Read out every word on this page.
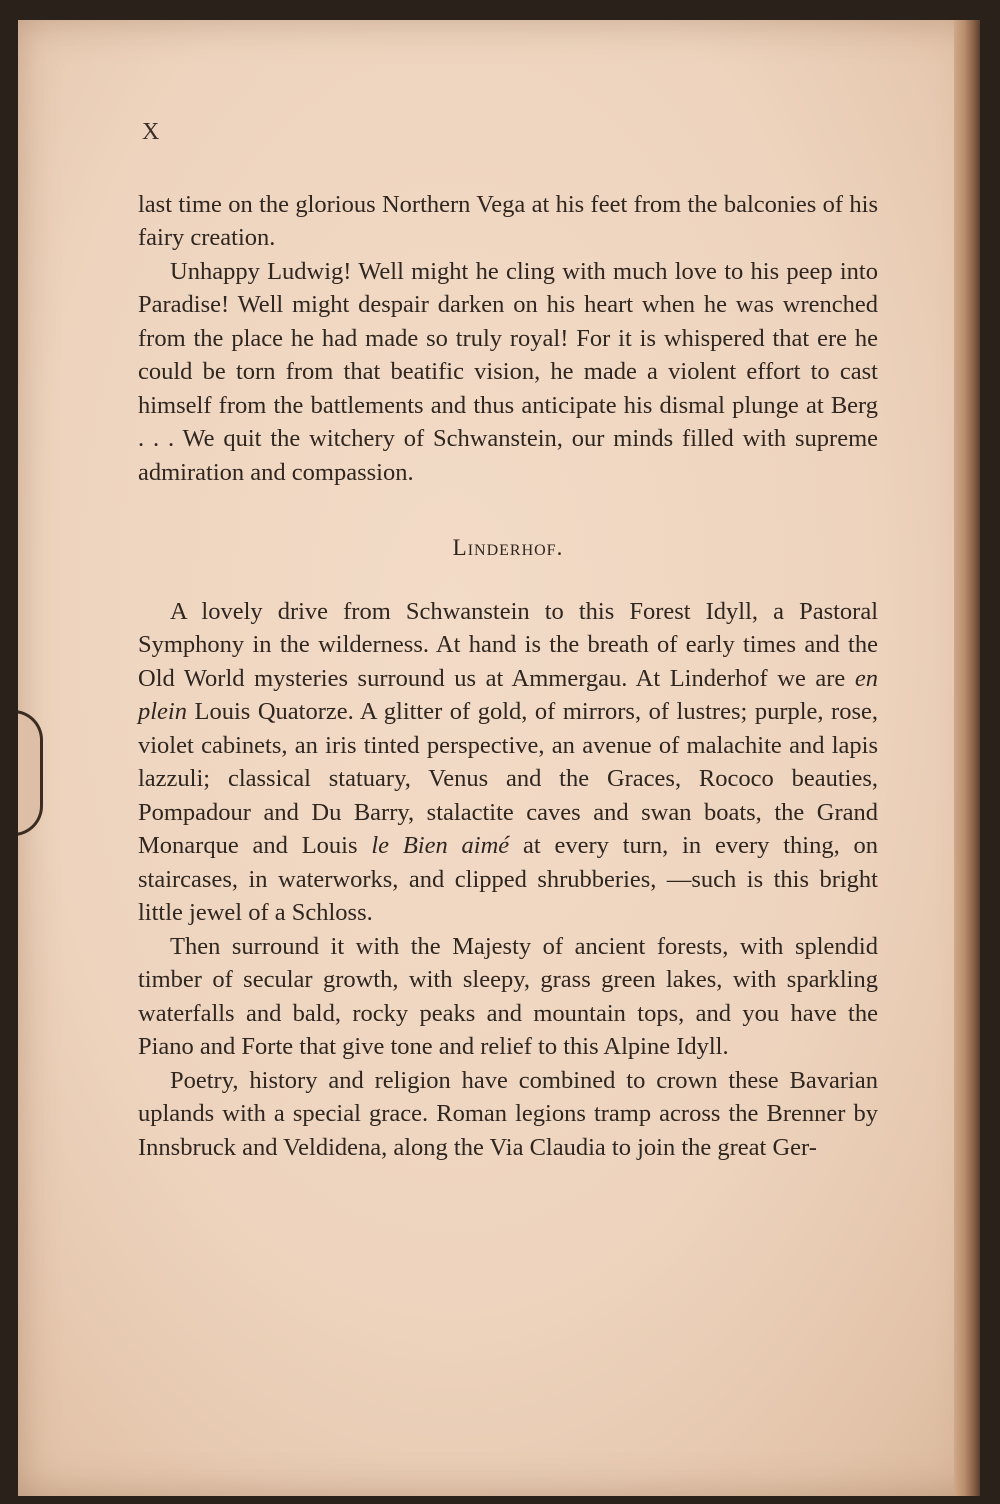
X

last time on the glorious Northern Vega at his feet from the balconies of his fairy creation.

Unhappy Ludwig! Well might he cling with much love to his peep into Paradise! Well might despair darken on his heart when he was wrenched from the place he had made so truly royal! For it is whispered that ere he could be torn from that beatific vision, he made a violent effort to cast himself from the battlements and thus anticipate his dismal plunge at Berg . . . We quit the witchery of Schwanstein, our minds filled with supreme admiration and compassion.

Linderhof.

A lovely drive from Schwanstein to this Forest Idyll, a Pastoral Symphony in the wilderness. At hand is the breath of early times and the Old World mysteries surround us at Ammergau. At Linderhof we are en plein Louis Quatorze. A glitter of gold, of mirrors, of lustres; purple, rose, violet cabinets, an iris tinted perspective, an avenue of malachite and lapis lazzuli; classical statuary, Venus and the Graces, Rococo beauties, Pompadour and Du Barry, stalactite caves and swan boats, the Grand Monarque and Louis le Bien aimé at every turn, in every thing, on staircases, in waterworks, and clipped shrubberies, —such is this bright little jewel of a Schloss.

Then surround it with the Majesty of ancient forests, with splendid timber of secular growth, with sleepy, grass green lakes, with sparkling waterfalls and bald, rocky peaks and mountain tops, and you have the Piano and Forte that give tone and relief to this Alpine Idyll.

Poetry, history and religion have combined to crown these Bavarian uplands with a special grace. Roman legions tramp across the Brenner by Innsbruck and Veldidena, along the Via Claudia to join the great Ger-
